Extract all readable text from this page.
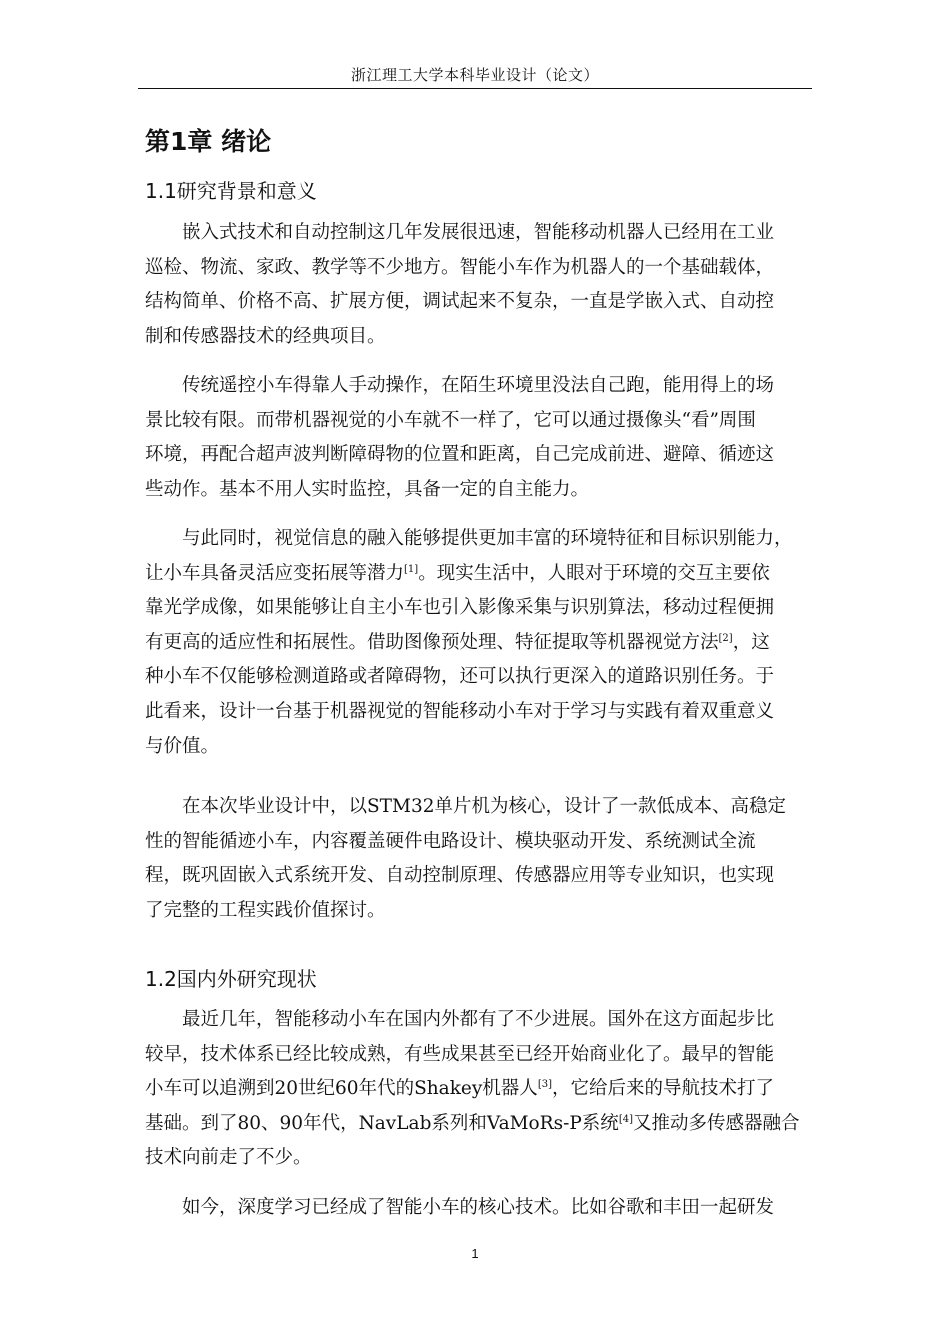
浙江理工大学本科毕业设计（论文）
第1章 绪论
1.1研究背景和意义

嵌入式技术和自动控制这几年发展很迅速，智能移动机器人已经用在工业
巡检、物流、家政、教学等不少地方。智能小车作为机器人的一个基础载体，
结构简单、价格不高、扩展方便，调试起来不复杂，一直是学嵌入式、自动控
制和传感器技术的经典项目。

传统遥控小车得靠人手动操作，在陌生环境里没法自己跑，能用得上的场
景比较有限。而带机器视觉的小车就不一样了，它可以通过摄像头“看”周围
环境，再配合超声波判断障碍物的位置和距离，自己完成前进、避障、循迹这
些动作。基本不用人实时监控，具备一定的自主能力。

与此同时，视觉信息的融入能够提供更加丰富的环境特征和目标识别能力，
让小车具备灵活应变拓展等潜力[1]。现实生活中，人眼对于环境的交互主要依
靠光学成像，如果能够让自主小车也引入影像采集与识别算法，移动过程便拥
有更高的适应性和拓展性。借助图像预处理、特征提取等机器视觉方法[2]，这
种小车不仅能够检测道路或者障碍物，还可以执行更深入的道路识别任务。于
此看来，设计一台基于机器视觉的智能移动小车对于学习与实践有着双重意义
与价值。

在本次毕业设计中，以STM32单片机为核心，设计了一款低成本、高稳定
性的智能循迹小车，内容覆盖硬件电路设计、模块驱动开发、系统测试全流
程，既巩固嵌入式系统开发、自动控制原理、传感器应用等专业知识，也实现
了完整的工程实践价值探讨。

1.2国内外研究现状

最近几年，智能移动小车在国内外都有了不少进展。国外在这方面起步比
较早，技术体系已经比较成熟，有些成果甚至已经开始商业化了。最早的智能
小车可以追溯到20世纪60年代的Shakey机器人[3]，它给后来的导航技术打了
基础。到了80、90年代，NavLab系列和VaMoRs-P系统[4]又推动多传感器融合
技术向前走了不少。

如今，深度学习已经成了智能小车的核心技术。比如谷歌和丰田一起研发

1
